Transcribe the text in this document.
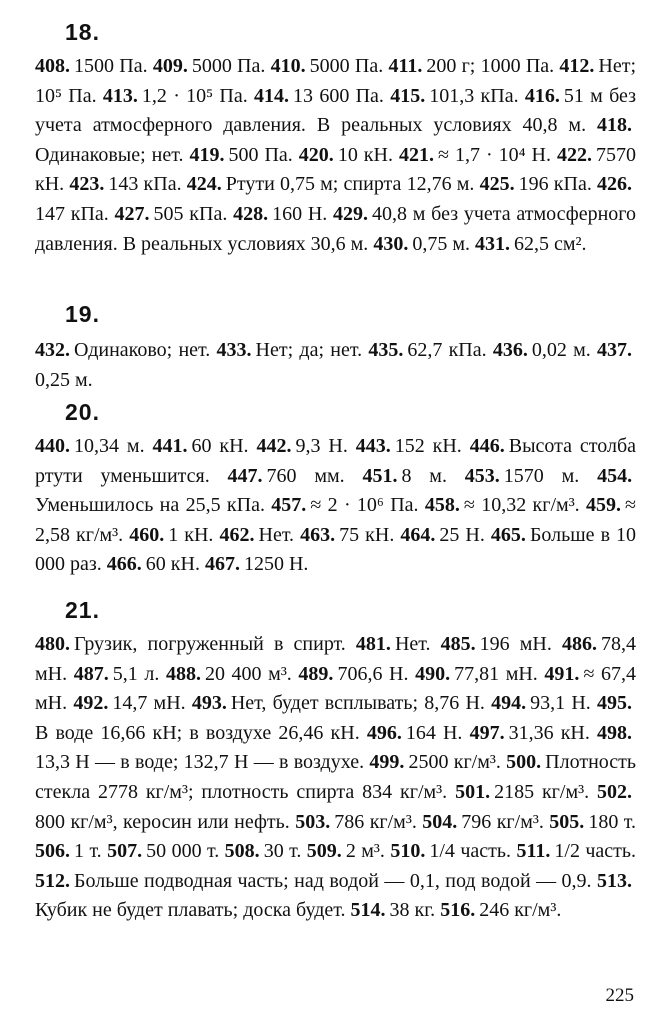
18.

408.  1500 Па. 409.  5000 Па. 410.  5000 Па. 411.  200 г; 1000 Па. 412.  Нет; 10⁵ Па. 413.  1,2 · 10⁵ Па. 414.  13 600 Па. 415.  101,3 кПа. 416.  51 м без учета атмосферного давления. В реальных условиях 40,8 м. 418. Одинаковые; нет. 419.  500 Па. 420.  10 кН. 421.  ≈ 1,7 · 10⁴ Н. 422.  7570 кН. 423.  143 кПа. 424.  Ртути 0,75 м; спирта 12,76 м. 425.  196 кПа. 426. 147 кПа. 427.  505 кПа. 428.  160 Н. 429.  40,8 м без учета атмосферного давления. В реальных условиях 30,6 м. 430.  0,75 м. 431.  62,5 см².

19.

432.  Одинаково; нет. 433.  Нет; да; нет. 435.  62,7 кПа. 436.  0,02 м. 437. 0,25 м.

20.

440.  10,34 м. 441.  60 кН. 442.  9,3 Н. 443.  152 кН. 446.  Высота столба ртути уменьшится. 447.  760 мм. 451.  8 м. 453.  1570 м. 454. Уменьшилось на 25,5 кПа. 457.  ≈ 2 · 10⁶ Па. 458.  ≈ 10,32 кг/м³. 459.  ≈ 2,58 кг/м³. 460.  1 кН. 462.  Нет. 463.  75 кН. 464.  25 Н. 465.  Больше в 10 000 раз. 466.  60 кН. 467.  1250 Н.

21.

480.  Грузик, погруженный в спирт. 481.  Нет. 485.  196 мН. 486.  78,4 мН. 487.  5,1 л. 488.  20 400 м³. 489.  706,6 Н. 490.  77,81 мН. 491.  ≈ 67,4 мН. 492.  14,7 мН. 493.  Нет, будет всплывать; 8,76 Н. 494.  93,1 Н. 495. В воде 16,66 кН; в воздухе 26,46 кН. 496.  164 Н. 497.  31,36 кН. 498. 13,3 Н — в воде; 132,7 Н — в воздухе. 499.  2500 кг/м³. 500.  Плотность стекла 2778 кг/м³; плотность спирта 834 кг/м³. 501.  2185 кг/м³. 502. 800 кг/м³, керосин или нефть. 503.  786 кг/м³. 504.  796 кг/м³. 505.  180 т. 506.  1 т. 507.  50 000 т. 508.  30 т. 509.  2 м³. 510.  1/4 часть. 511.  1/2 часть. 512.  Больше подводная часть; над водой — 0,1, под водой — 0,9. 513. Кубик не будет плавать; доска будет. 514.  38 кг. 516.  246 кг/м³.

225
